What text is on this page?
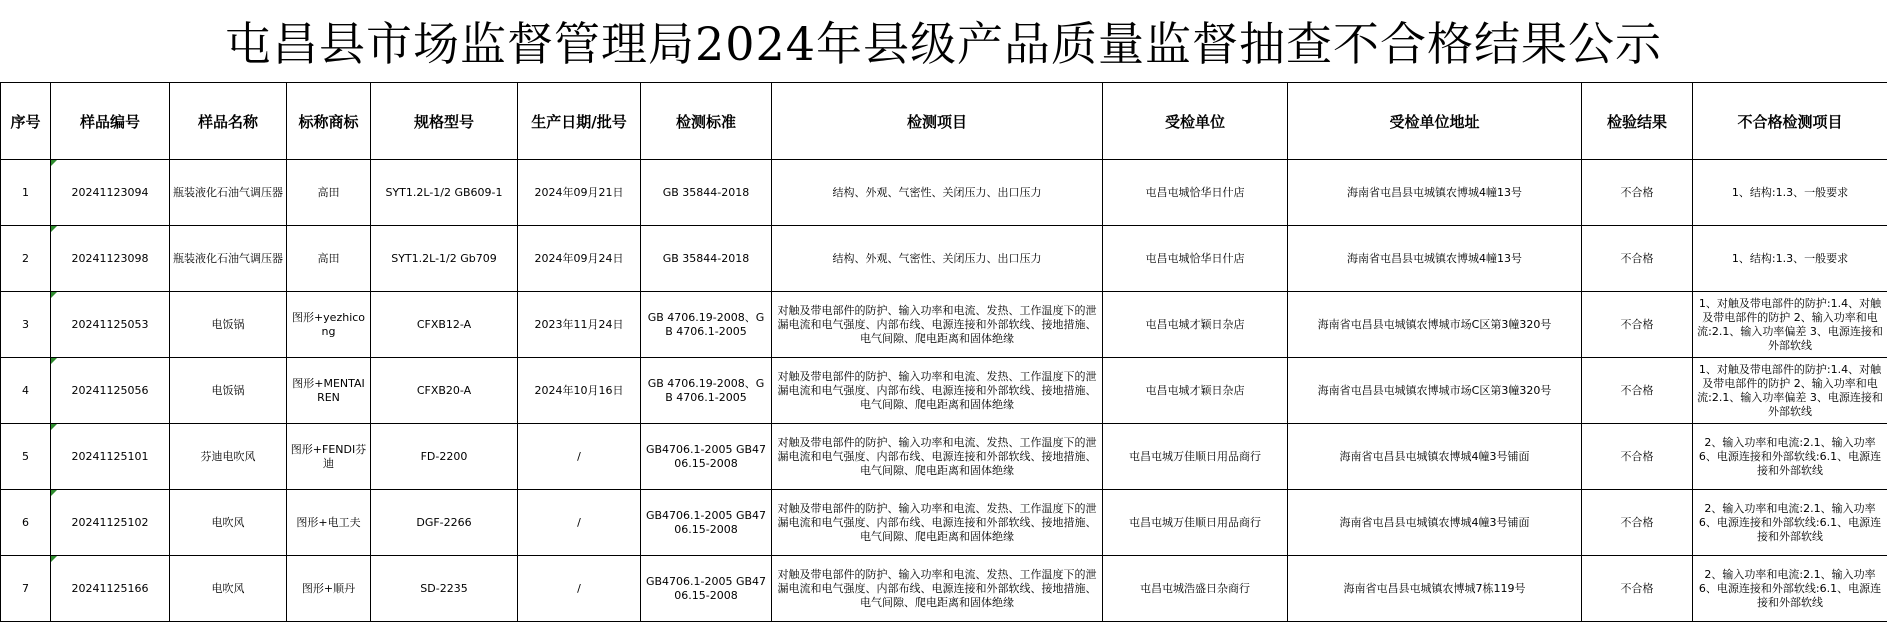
屯昌县市场监督管理局2024年县级产品质量监督抽查不合格结果公示
序号	样品编号	样品名称	标称商标	规格型号	生产日期/批号	检测标准	检测项目	受检单位	受检单位地址	检验结果	不合格检测项目
1	20241123094	瓶装液化石油气调压器	高田	SYT1.2L-1/2 GB609-1	2024年09月21日	GB 35844-2018	结构、外观、气密性、关闭压力、出口压力	屯昌屯城恰华日什店	海南省屯昌县屯城镇农博城4幢13号	不合格	1、结构:1.3、一般要求

2	20241123098	瓶装液化石油气调压器	高田	SYT1.2L-1/2 Gb709	2024年09月24日	GB 35844-2018	结构、外观、气密性、关闭压力、出口压力	屯昌屯城恰华日什店	海南省屯昌县屯城镇农博城4幢13号	不合格	1、结构:1.3、一般要求

3	20241125053	电饭锅	图形+yezhicong	CFXB12-A	2023年11月24日	GB 4706.19-2008、GB 4706.1-2005	对触及带电部件的防护、输入功率和电流、发热、工作温度下的泄漏电流和电气强度、内部布线、电源连接和外部软线、接地措施、电气间隙、爬电距离和固体绝缘	屯昌屯城才颖日杂店	海南省屯昌县屯城镇农博城市场C区第3幢320号	不合格	1、对触及带电部件的防护:1.4、对触及带电部件的防护 2、输入功率和电流:2.1、输入功率偏差 3、电源连接和外部软线

4	20241125056	电饭锅	图形+MENTAIREN	CFXB20-A	2024年10月16日	GB 4706.19-2008、GB 4706.1-2005	对触及带电部件的防护、输入功率和电流、发热、工作温度下的泄漏电流和电气强度、内部布线、电源连接和外部软线、接地措施、电气间隙、爬电距离和固体绝缘	屯昌屯城才颖日杂店	海南省屯昌县屯城镇农博城市场C区第3幢320号	不合格	1、对触及带电部件的防护:1.4、对触及带电部件的防护 2、输入功率和电流:2.1、输入功率偏差 3、电源连接和外部软线

5	20241125101	芬迪电吹风	图形+FENDI芬迪	FD-2200	/	GB4706.1-2005 GB4706.15-2008	对触及带电部件的防护、输入功率和电流、发热、工作温度下的泄漏电流和电气强度、内部布线、电源连接和外部软线、接地措施、电气间隙、爬电距离和固体绝缘	屯昌屯城万佳顺日用品商行	海南省屯昌县屯城镇农博城4幢3号铺面	不合格	2、输入功率和电流:2.1、输入功率6、电源连接和外部软线:6.1、电源连接和外部软线

6	20241125102	电吹风	图形+电工夫	DGF-2266	/	GB4706.1-2005 GB4706.15-2008	对触及带电部件的防护、输入功率和电流、发热、工作温度下的泄漏电流和电气强度、内部布线、电源连接和外部软线、接地措施、电气间隙、爬电距离和固体绝缘	屯昌屯城万佳顺日用品商行	海南省屯昌县屯城镇农博城4幢3号铺面	不合格	2、输入功率和电流:2.1、输入功率6、电源连接和外部软线:6.1、电源连接和外部软线

7	20241125166	电吹风	图形+顺丹	SD-2235	/	GB4706.1-2005 GB4706.15-2008	对触及带电部件的防护、输入功率和电流、发热、工作温度下的泄漏电流和电气强度、内部布线、电源连接和外部软线、接地措施、电气间隙、爬电距离和固体绝缘	屯昌屯城浩盛日杂商行	海南省屯昌县屯城镇农博城7栋119号	不合格	2、输入功率和电流:2.1、输入功率6、电源连接和外部软线:6.1、电源连接和外部软线
